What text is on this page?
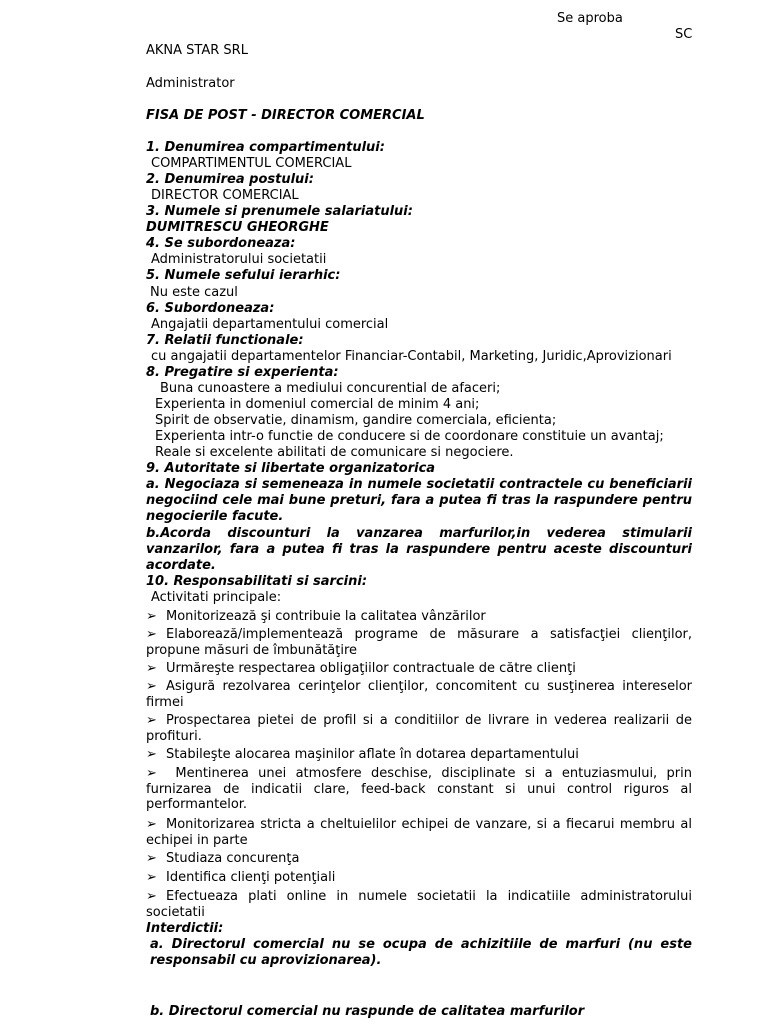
Se aproba
SC
AKNA STAR SRL
Administrator
FISA DE POST - DIRECTOR COMERCIAL
1. Denumirea compartimentului:
COMPARTIMENTUL COMERCIAL
2. Denumirea postului:
DIRECTOR COMERCIAL
3. Numele si prenumele salariatului:
DUMITRESCU GHEORGHE
4. Se subordoneaza:
Administratorului societatii
5. Numele sefului ierarhic:
Nu este cazul
6. Subordoneaza:
Angajatii departamentului comercial
7. Relatii functionale:
cu angajatii departamentelor Financiar-Contabil, Marketing, Juridic,Aprovizionari
8. Pregatire si experienta:
Buna cunoastere a mediului concurential de afaceri;
Experienta in domeniul comercial de minim 4 ani;
Spirit de observatie, dinamism, gandire comerciala, eficienta;
Experienta intr-o functie de conducere si de coordonare constituie un avantaj;
Reale si excelente abilitati de comunicare si negociere.
9. Autoritate si libertate organizatorica
a. Negociaza si semeneaza in numele societatii contractele cu beneficiarii negociind cele mai bune preturi, fara a putea fi tras la raspundere pentru negocierile facute.
b.Acorda discounturi la vanzarea marfurilor,in vederea stimularii vanzarilor, fara a putea fi tras la raspundere pentru aceste discounturi acordate.
10. Responsabilitati si sarcini:
Activitati principale:
➢ Monitorizează şi contribuie la calitatea vânzărilor
➢ Elaborează/implementează programe de măsurare a satisfacţiei clienţilor, propune măsuri de îmbunătăţire
➢ Urmăreşte respectarea obligaţiilor contractuale de către clienţi
➢ Asigură rezolvarea cerinţelor clienţilor, concomitent cu susţinerea intereselor firmei
➢ Prospectarea pietei de profil si a conditiilor de livrare in vederea realizarii de profituri.
➢ Stabileşte alocarea maşinilor aflate în dotarea departamentului
➢ Mentinerea unei atmosfere deschise, disciplinate si a entuziasmului, prin furnizarea de indicatii clare, feed-back constant si unui control riguros al performantelor.
➢ Monitorizarea stricta a cheltuielilor echipei de vanzare, si a fiecarui membru al echipei in parte
➢ Studiaza concurenţa
➢ Identifica clienţi potenţiali
➢ Efectueaza plati online in numele societatii la indicatiile administratorului societatii
Interdictii:
a. Directorul comercial nu se ocupa de achizitiile de marfuri (nu este responsabil cu aprovizionarea).
b. Directorul comercial nu raspunde de calitatea marfurilor
